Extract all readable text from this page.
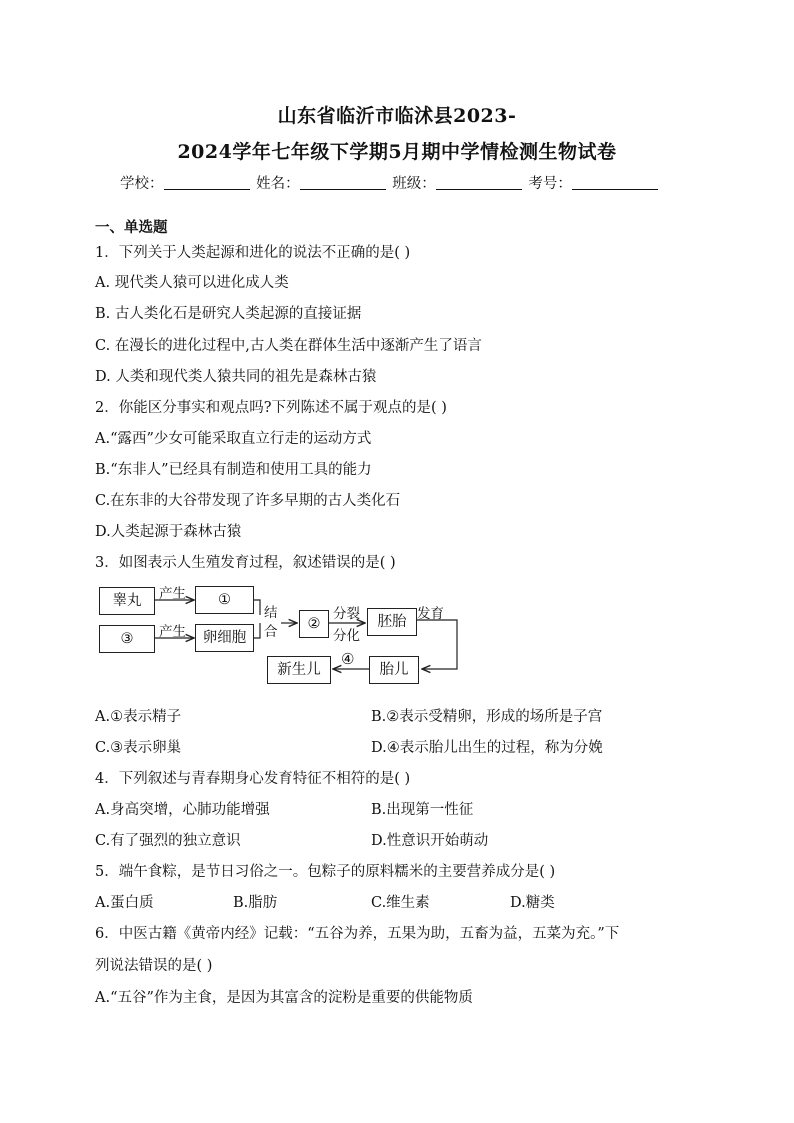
山东省临沂市临沭县2023-
2024学年七年级下学期5月期中学情检测生物试卷
学校：	姓名：	班级：	考号：
一、单选题
1．下列关于人类起源和进化的说法不正确的是( )
A. 现代类人猿可以进化成人类
B. 古人类化石是研究人类起源的直接证据
C. 在漫长的进化过程中,古人类在群体生活中逐渐产生了语言
D. 人类和现代类人猿共同的祖先是森林古猿
2．你能区分事实和观点吗?下列陈述不属于观点的是( )
A.“露西”少女可能采取直立行走的运动方式
B.“东非人”已经具有制造和使用工具的能力
C.在东非的大谷带发现了许多早期的古人类化石
D.人类起源于森林古猿
3．如图表示人生殖发育过程，叙述错误的是( )
睾丸
③
产生
产生
①
卵细胞
结
合	②
分裂
分化
胚胎 发育
胎儿
④
新生儿
A.①表示精子	B.②表示受精卵，形成的场所是子宫
C.③表示卵巢	D.④表示胎儿出生的过程，称为分娩
4．下列叙述与青春期身心发育特征不相符的是( )
A.身高突增，心肺功能增强	B.出现第一性征
C.有了强烈的独立意识	D.性意识开始萌动
5．端午食粽，是节日习俗之一。包粽子的原料糯米的主要营养成分是( )
A.蛋白质	B.脂肪	C.维生素	D.糖类
6．中医古籍《黄帝内经》记载：“五谷为养，五果为助，五畜为益，五菜为充。”下
列说法错误的是( )
A.“五谷”作为主食，是因为其富含的淀粉是重要的供能物质
